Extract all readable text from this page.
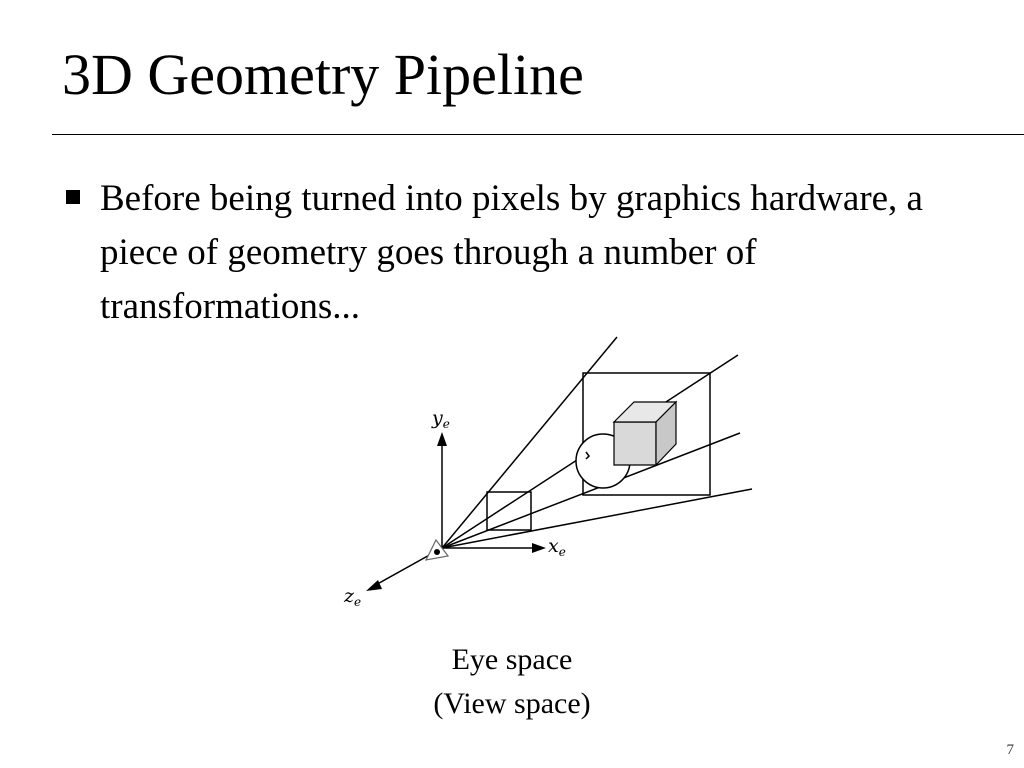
3D Geometry Pipeline
Before being turned into pixels by graphics hardware, a piece of geometry goes through a number of transformations...
$y_e$
$x_e$
$z_e$
Eye space
(View space)
7
